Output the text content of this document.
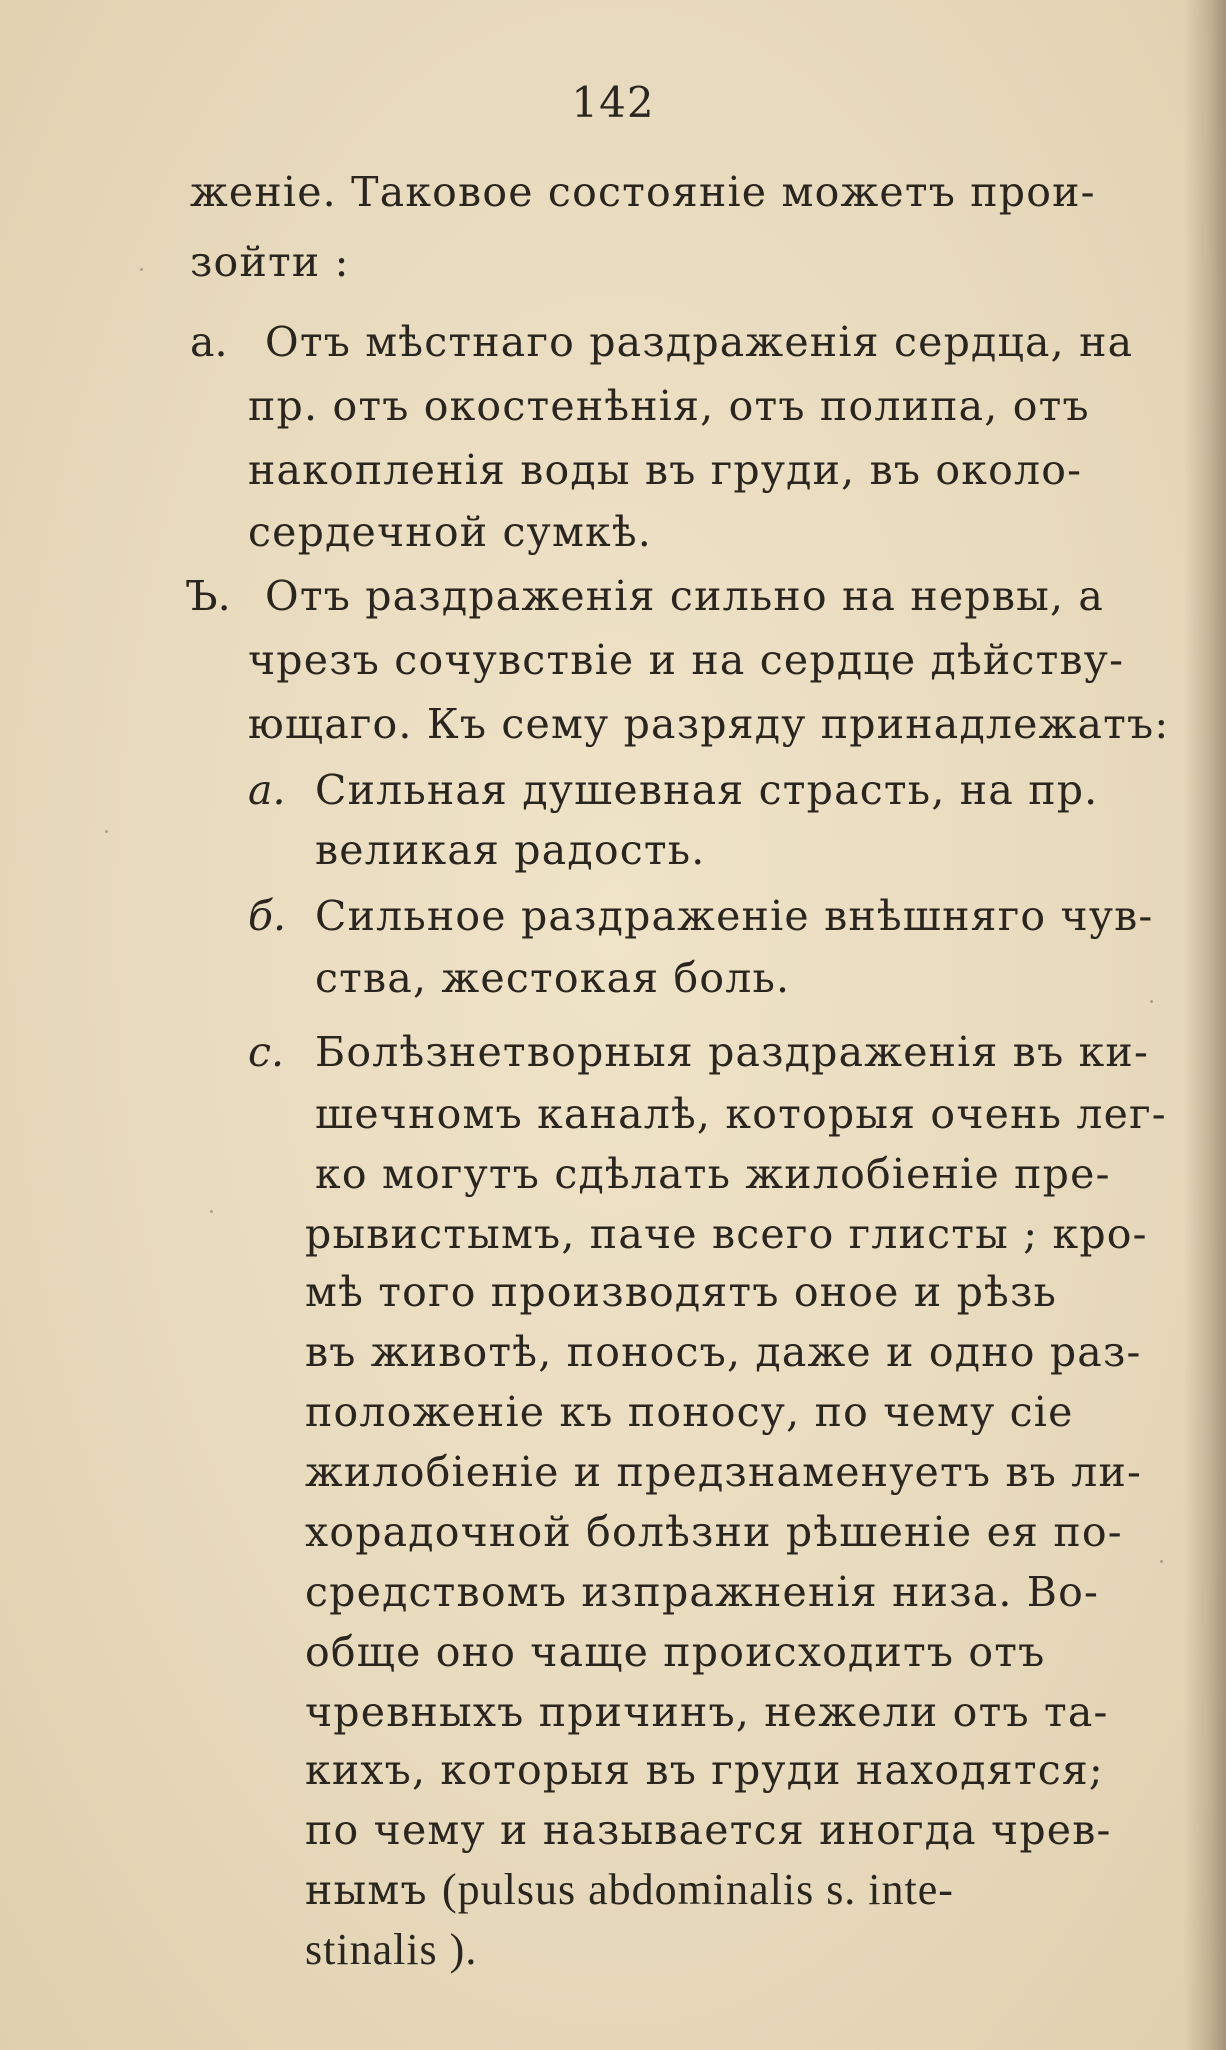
142
женіе. Таковое состояніе можетъ прои-
зойти :
a. Отъ мѣстнаго раздраженія сердца, на
пр. отъ окостенѣнія, отъ полипа, отъ
накопленія воды въ груди, въ около-
сердечной сумкѣ.
Ъ. Отъ раздраженія сильно на нервы, а
чрезъ сочувствіе и на сердце дѣйству-
ющаго. Къ сему разряду принадлежатъ:
a. Сильная душевная страсть, на пр.
великая радость.
б. Сильное раздраженіе внѣшняго чув-
ства, жестокая боль.
c. Болѣзнетворныя раздраженія въ ки-
шечномъ каналѣ, которыя очень лег-
ко могутъ сдѣлать жилобіеніе пре-
рывистымъ, паче всего глисты ; кро-
мѣ того производятъ оное и рѣзь
въ животѣ, поносъ, даже и одно раз-
положеніе къ поносу, по чему сіе
жилобіеніе и предзнаменуетъ въ ли-
хорадочной болѣзни рѣшеніе ея по-
средствомъ изпражненія низа. Во-
обще оно чаще происходитъ отъ
чревныхъ причинъ, нежели отъ та-
кихъ, которыя въ груди находятся;
по чему и называется иногда чрев-
нымъ (pulsus abdominalis s. inte-
stinalis ).
